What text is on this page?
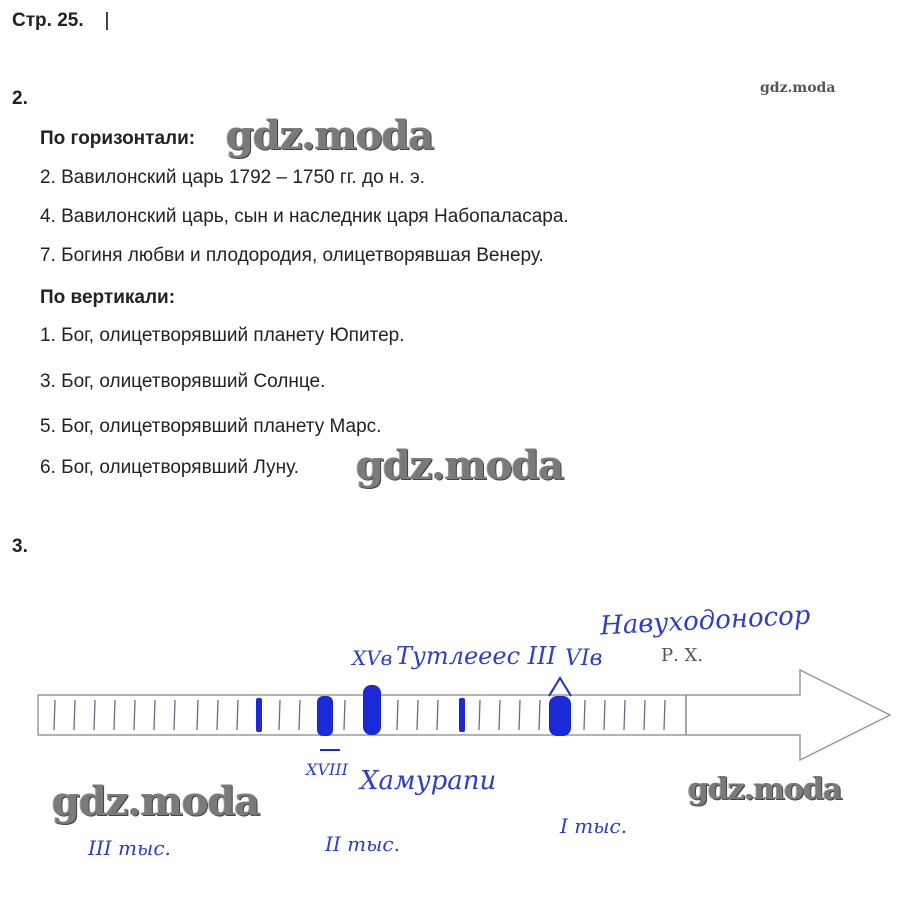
Стр. 25.
2.	gdz.moda
По горизонтали: gdz.moda
2. Вавилонский царь 1792 – 1750 гг. до н. э.
4. Вавилонский царь, сын и наследник царя Набопаласара.
7. Богиня любви и плодородия, олицетворявшая Венеру.
По вертикали:
1. Бог, олицетворявший планету Юпитер.
3. Бог, олицетворявший Солнце.
5. Бог, олицетворявший планету Марс.
6. Бог, олицетворявший Луну. gdz.moda
3.
Навуходоносор
Р. Х.
XVв Тутлееес III VIв
XVIII Хамурапи
III тыс.	II тыс.
I тыс.
gdz.moda	gdz.moda
